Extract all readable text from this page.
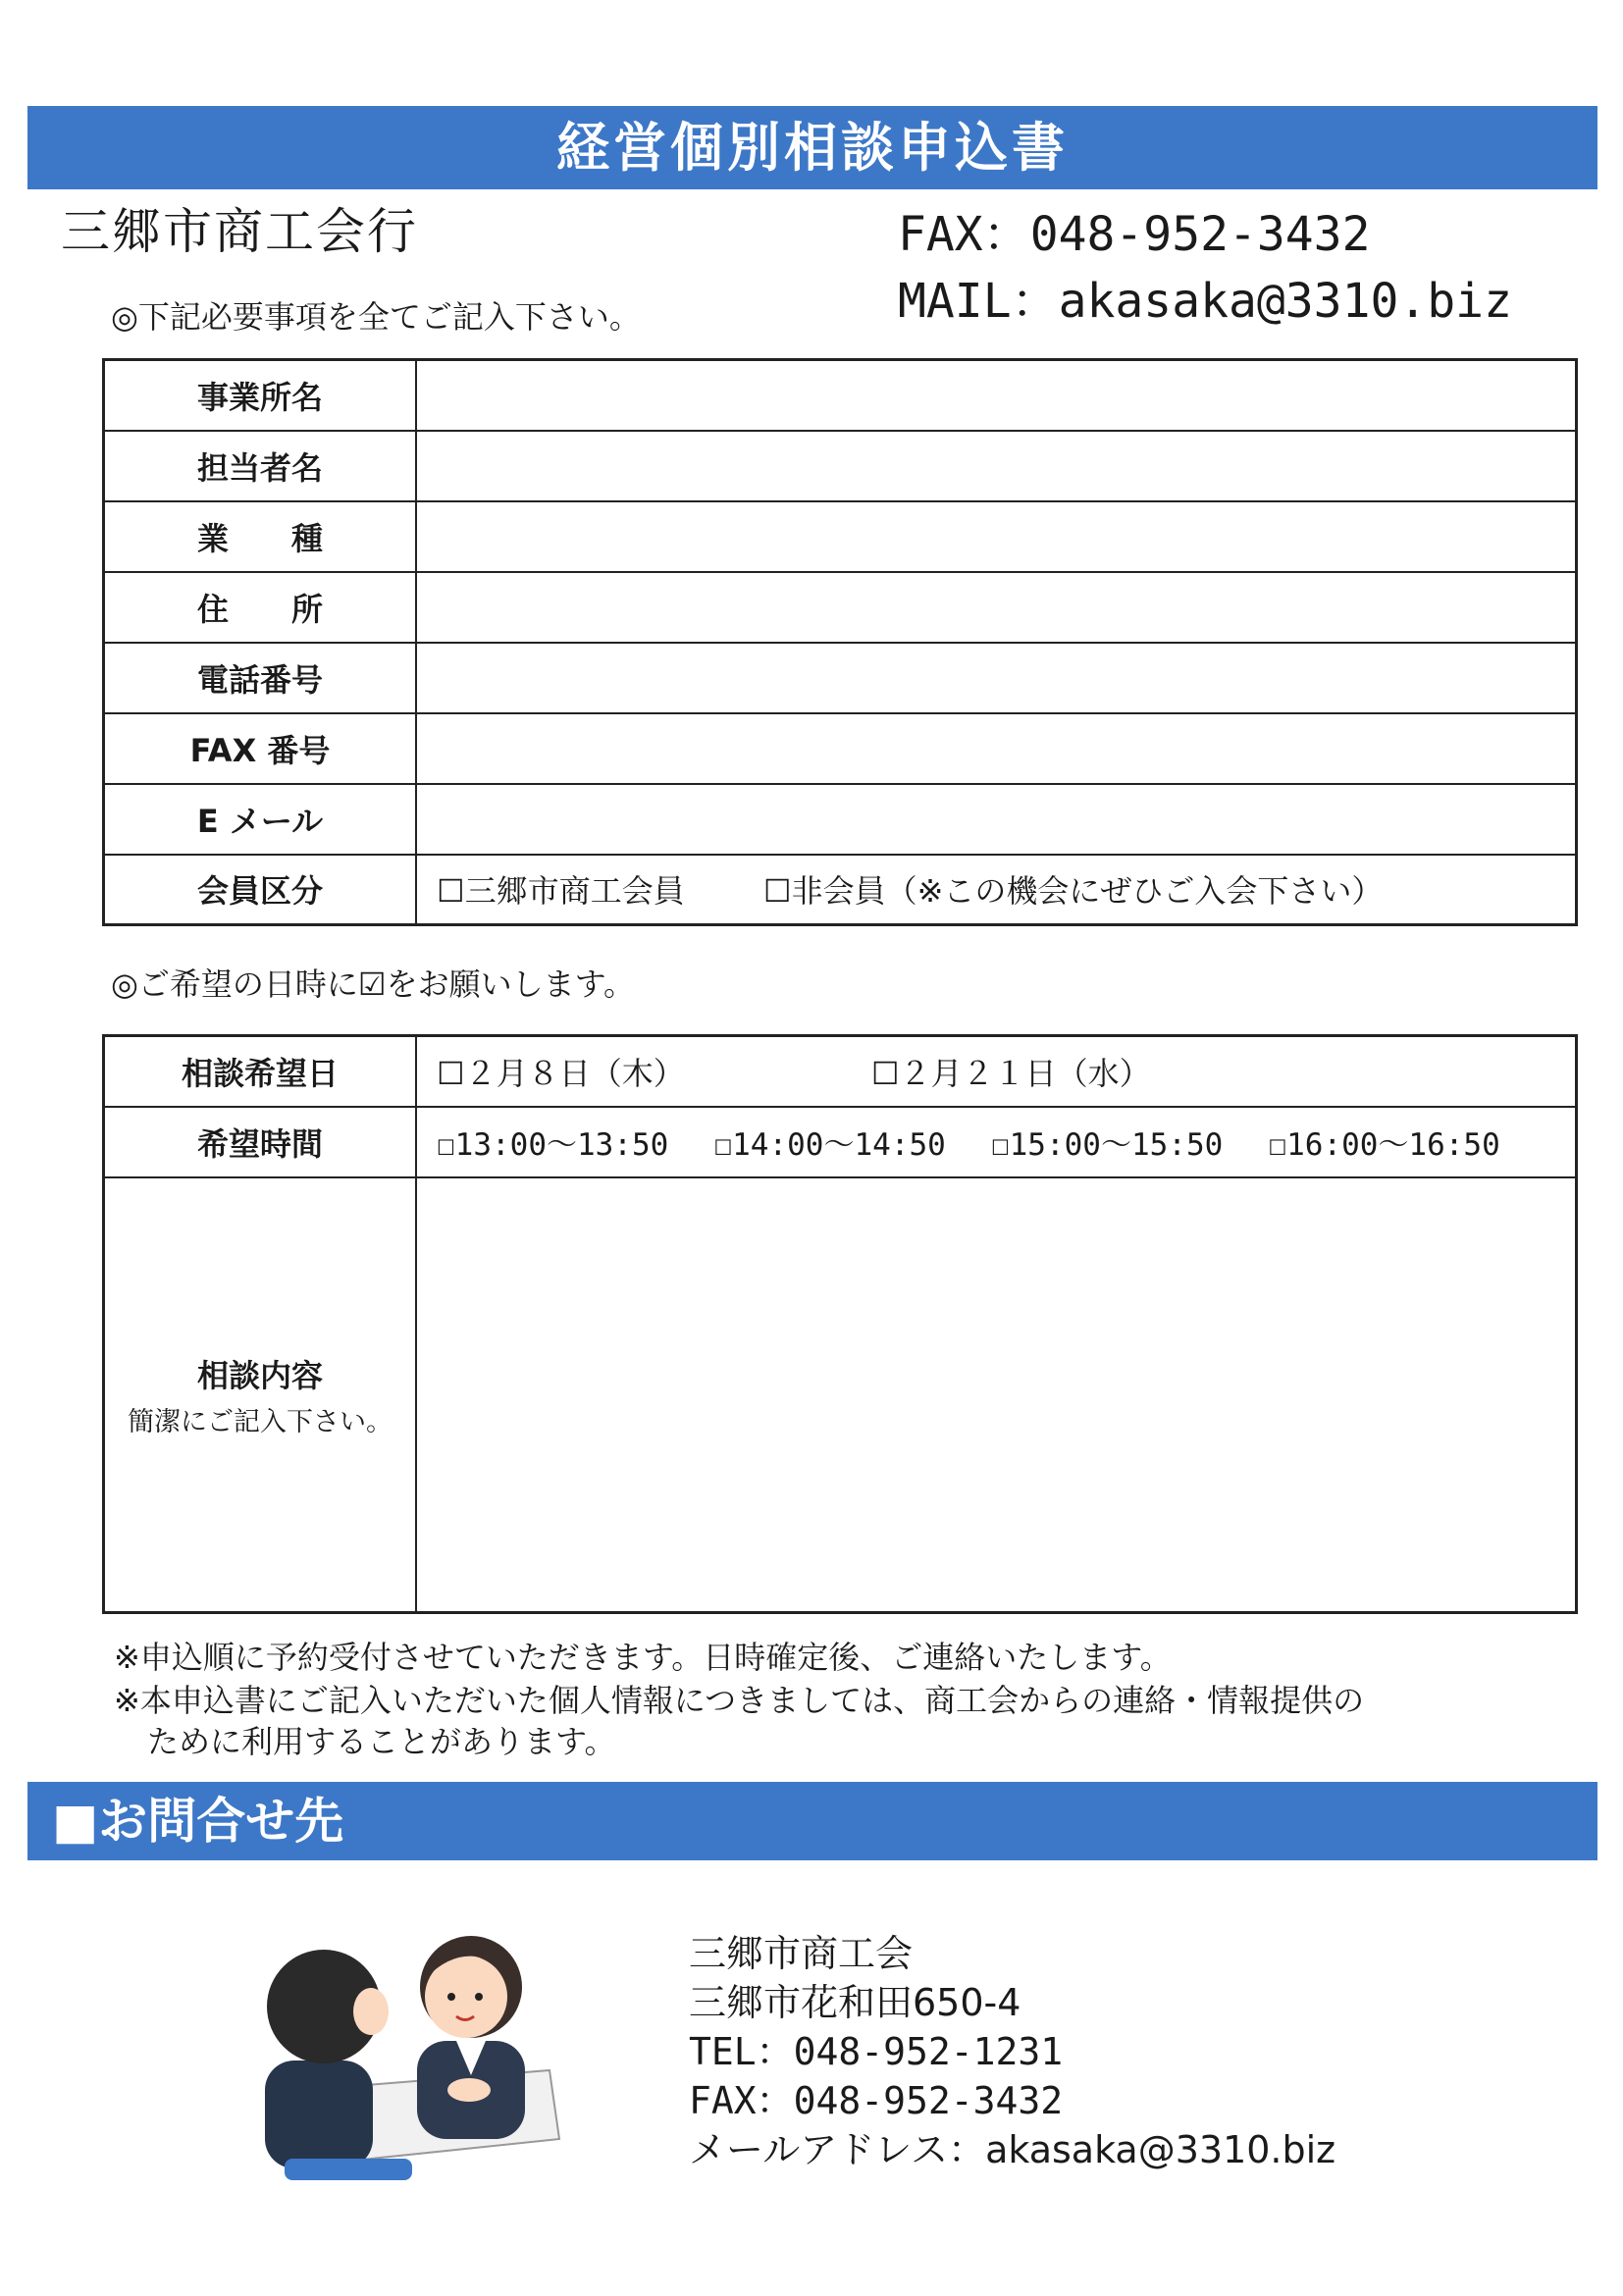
経営個別相談申込書
三郷市商工会行	FAX：048-952-3432
MAIL：akasaka@3310.biz
◎下記必要事項を全てご記入下さい。
事業所名	
担当者名	
業　　種	
住　　所	
電話番号	
FAX 番号	
E メール	
会員区分	☐三郷市商工会員 ☐非会員（※この機会にぜひご入会下さい）
◎ご希望の日時に☑をお願いします。
相談希望日	☐２月８日（木） ☐２月２１日（水）
希望時間	☐13:00～13:50 ☐14:00～14:50 ☐15:00～15:50 ☐16:00～16:50
相談内容
簡潔にご記入下さい。	

※申込順に予約受付させていただきます。日時確定後、ご連絡いたします。
※本申込書にご記入いただいた個人情報につきましては、商工会からの連絡・情報提供の
ために利用することがあります。
■お問合せ先
三郷市商工会
三郷市花和田650-4
TEL：048-952-1231
FAX：048-952-3432
メールアドレス：akasaka@3310.biz
